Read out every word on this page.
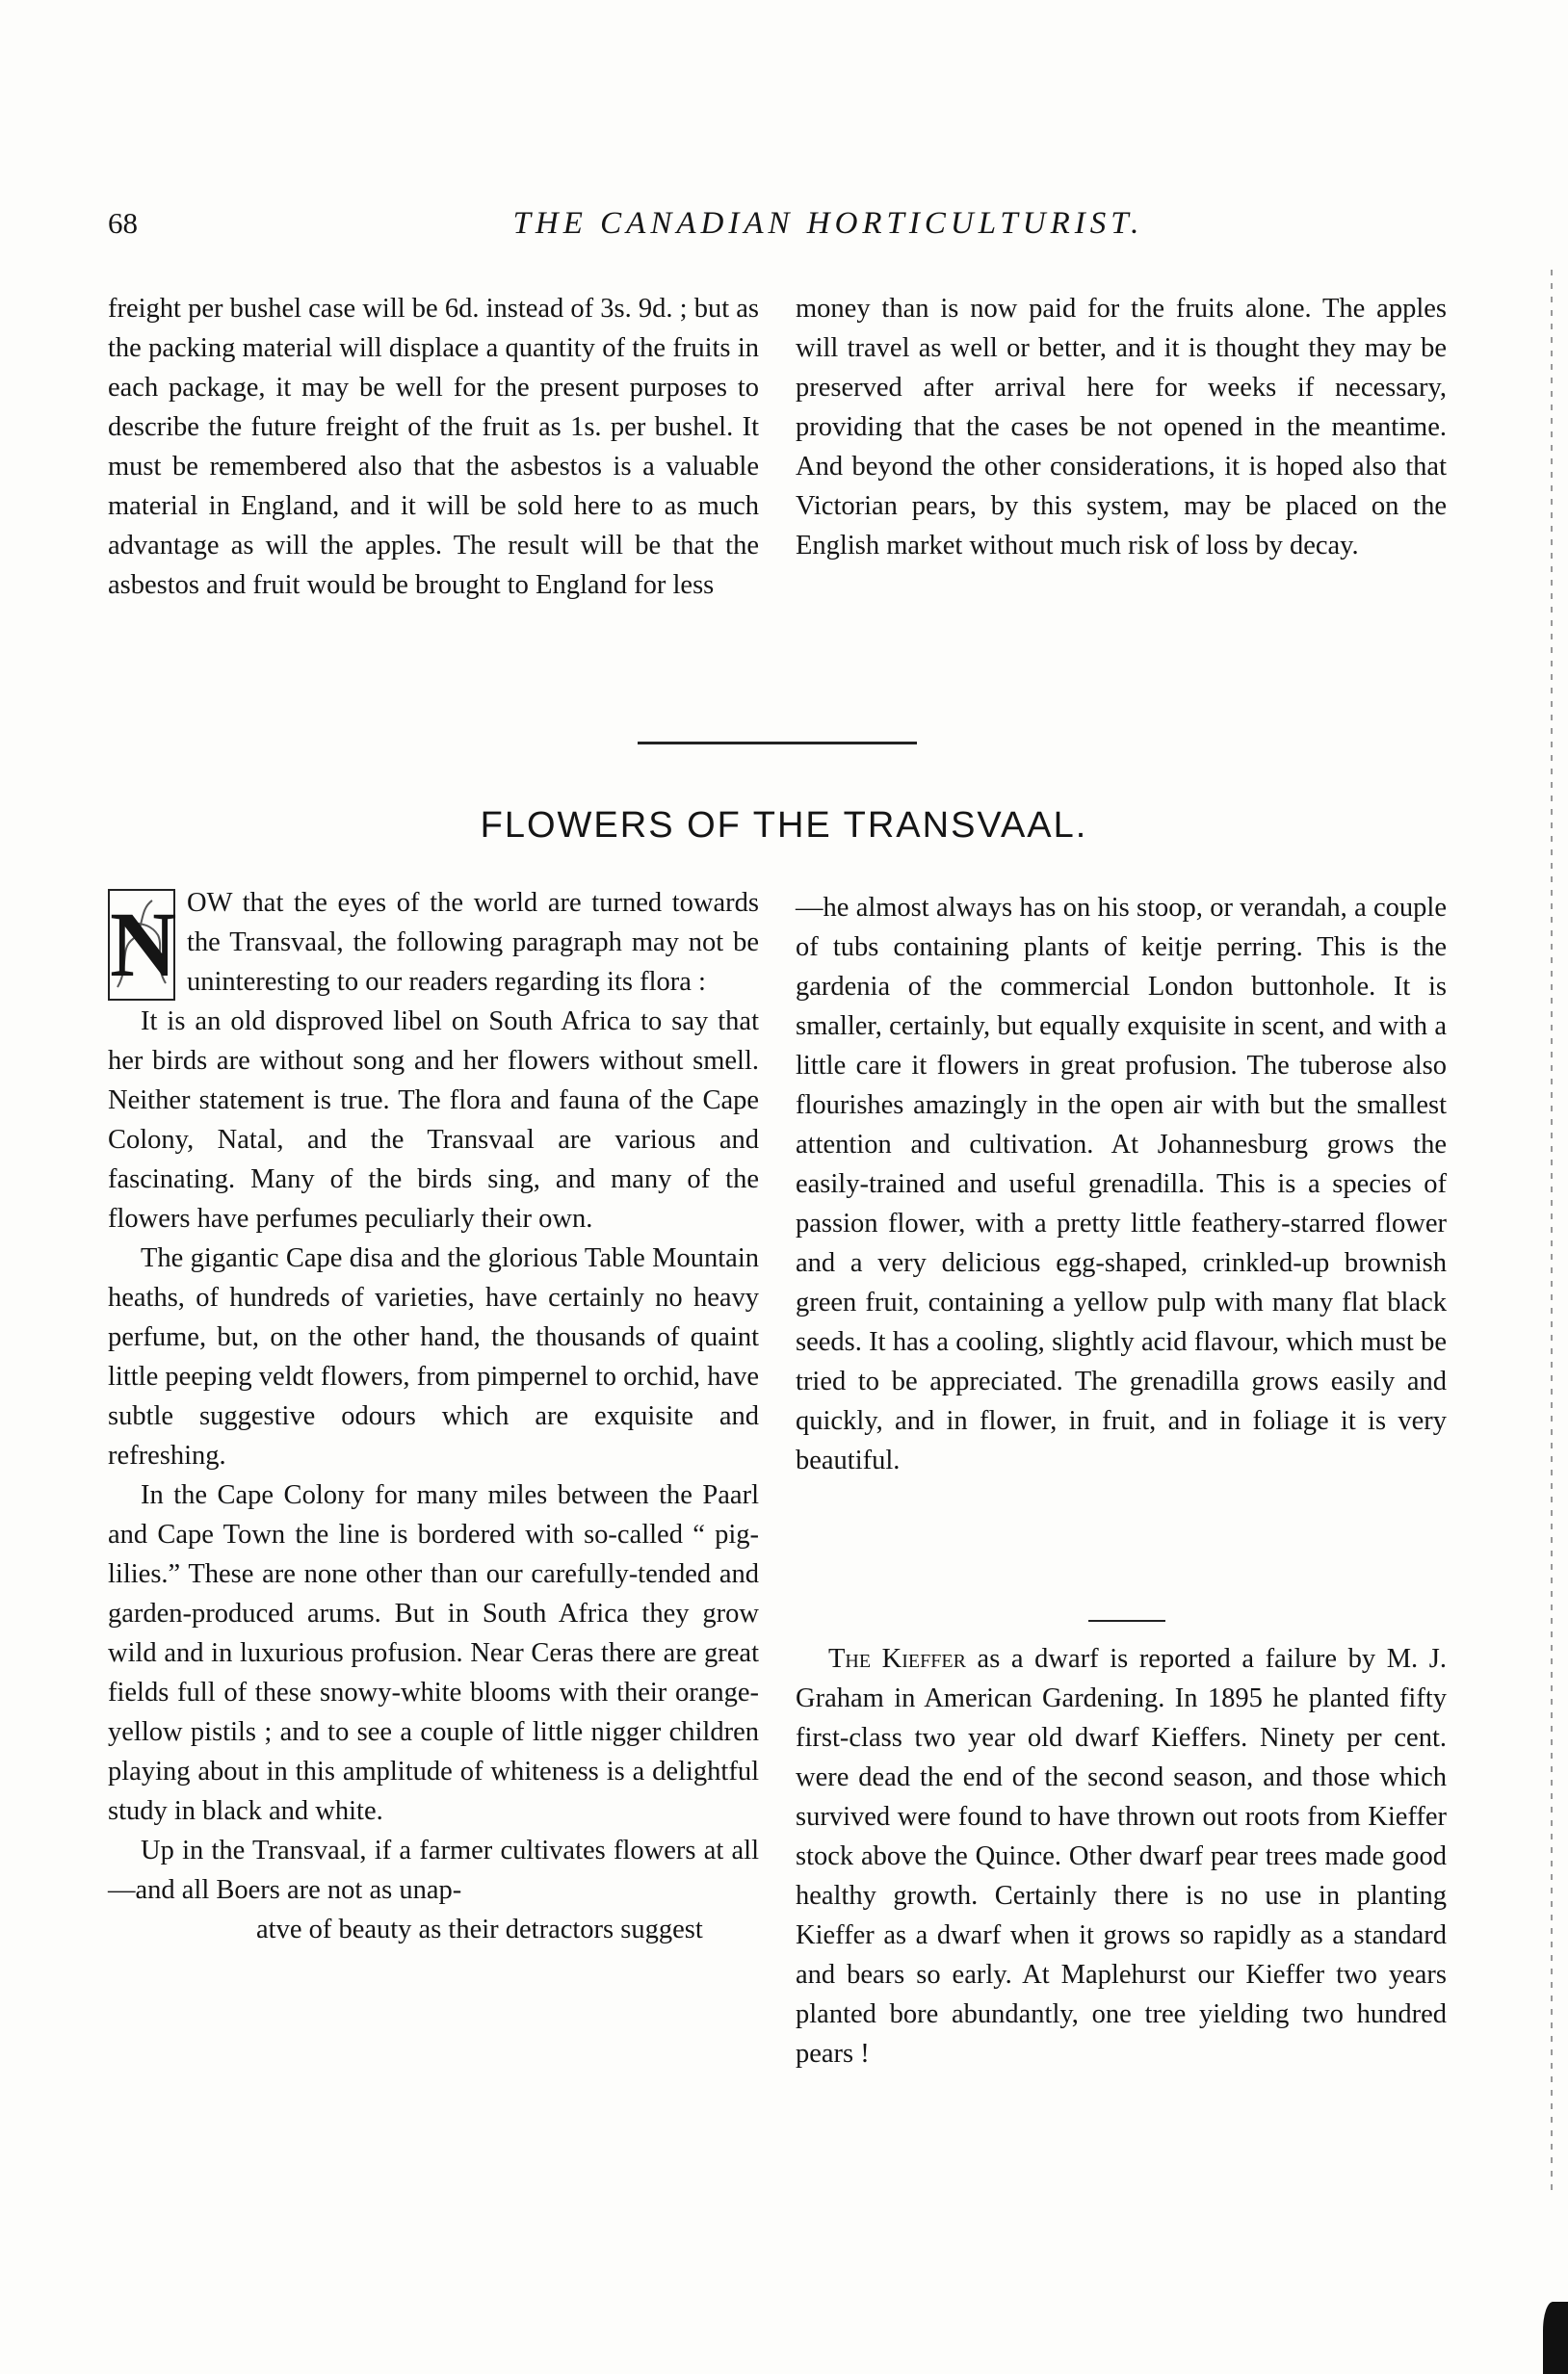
68	THE CANADIAN HORTICULTURIST.

freight per bushel case will be 6d. instead of 3s. 9d. ; but as the packing material will displace a quantity of the fruits in each package, it may be well for the present purposes to describe the future freight of the fruit as 1s. per bushel. It must be remembered also that the asbestos is a valuable material in England, and it will be sold here to as much advantage as will the apples. The result will be that the asbestos and fruit would be brought to England for less

money than is now paid for the fruits alone. The apples will travel as well or better, and it is thought they may be preserved after arrival here for weeks if necessary, providing that the cases be not opened in the meantime. And beyond the other considerations, it is hoped also that Victorian pears, by this system, may be placed on the English market without much risk of loss by decay.

FLOWERS OF THE TRANSVAAL.
N OW that the eyes of the world are turned towards the Transvaal, the following paragraph may not be uninteresting to our readers regarding its flora :

It is an old disproved libel on South Africa to say that her birds are without song and her flowers without smell. Neither statement is true. The flora and fauna of the Cape Colony, Natal, and the Transvaal are various and fascinating. Many of the birds sing, and many of the flowers have perfumes peculiarly their own.

The gigantic Cape disa and the glorious Table Mountain heaths, of hundreds of varieties, have certainly no heavy perfume, but, on the other hand, the thousands of quaint little peeping veldt flowers, from pimpernel to orchid, have subtle suggestive odours which are exquisite and refreshing.

In the Cape Colony for many miles between the Paarl and Cape Town the line is bordered with so-called “ pig-lilies.” These are none other than our carefully-tended and garden-produced arums. But in South Africa they grow wild and in luxurious profusion. Near Ceras there are great fields full of these snowy-white blooms with their orange-yellow pistils ; and to see a couple of little nigger children playing about in this amplitude of whiteness is a delightful study in black and white.

Up in the Transvaal, if a farmer cultivates flowers at all—and all Boers are not as unap-
atve of beauty as their detractors suggest

—he almost always has on his stoop, or verandah, a couple of tubs containing plants of keitje perring. This is the gardenia of the commercial London buttonhole. It is smaller, certainly, but equally exquisite in scent, and with a little care it flowers in great profusion. The tuberose also flourishes amazingly in the open air with but the smallest attention and cultivation. At Johannesburg grows the easily-trained and useful grenadilla. This is a species of passion flower, with a pretty little feathery-starred flower and a very delicious egg-shaped, crinkled-up brownish green fruit, containing a yellow pulp with many flat black seeds. It has a cooling, slightly acid flavour, which must be tried to be appreciated. The grenadilla grows easily and quickly, and in flower, in fruit, and in foliage it is very beautiful.

The Kieffer as a dwarf is reported a failure by M. J. Graham in American Gardening. In 1895 he planted fifty first-class two year old dwarf Kieffers. Ninety per cent. were dead the end of the second season, and those which survived were found to have thrown out roots from Kieffer stock above the Quince. Other dwarf pear trees made good healthy growth. Certainly there is no use in planting Kieffer as a dwarf when it grows so rapidly as a standard and bears so early. At Maplehurst our Kieffer two years planted bore abundantly, one tree yielding two hundred pears !
